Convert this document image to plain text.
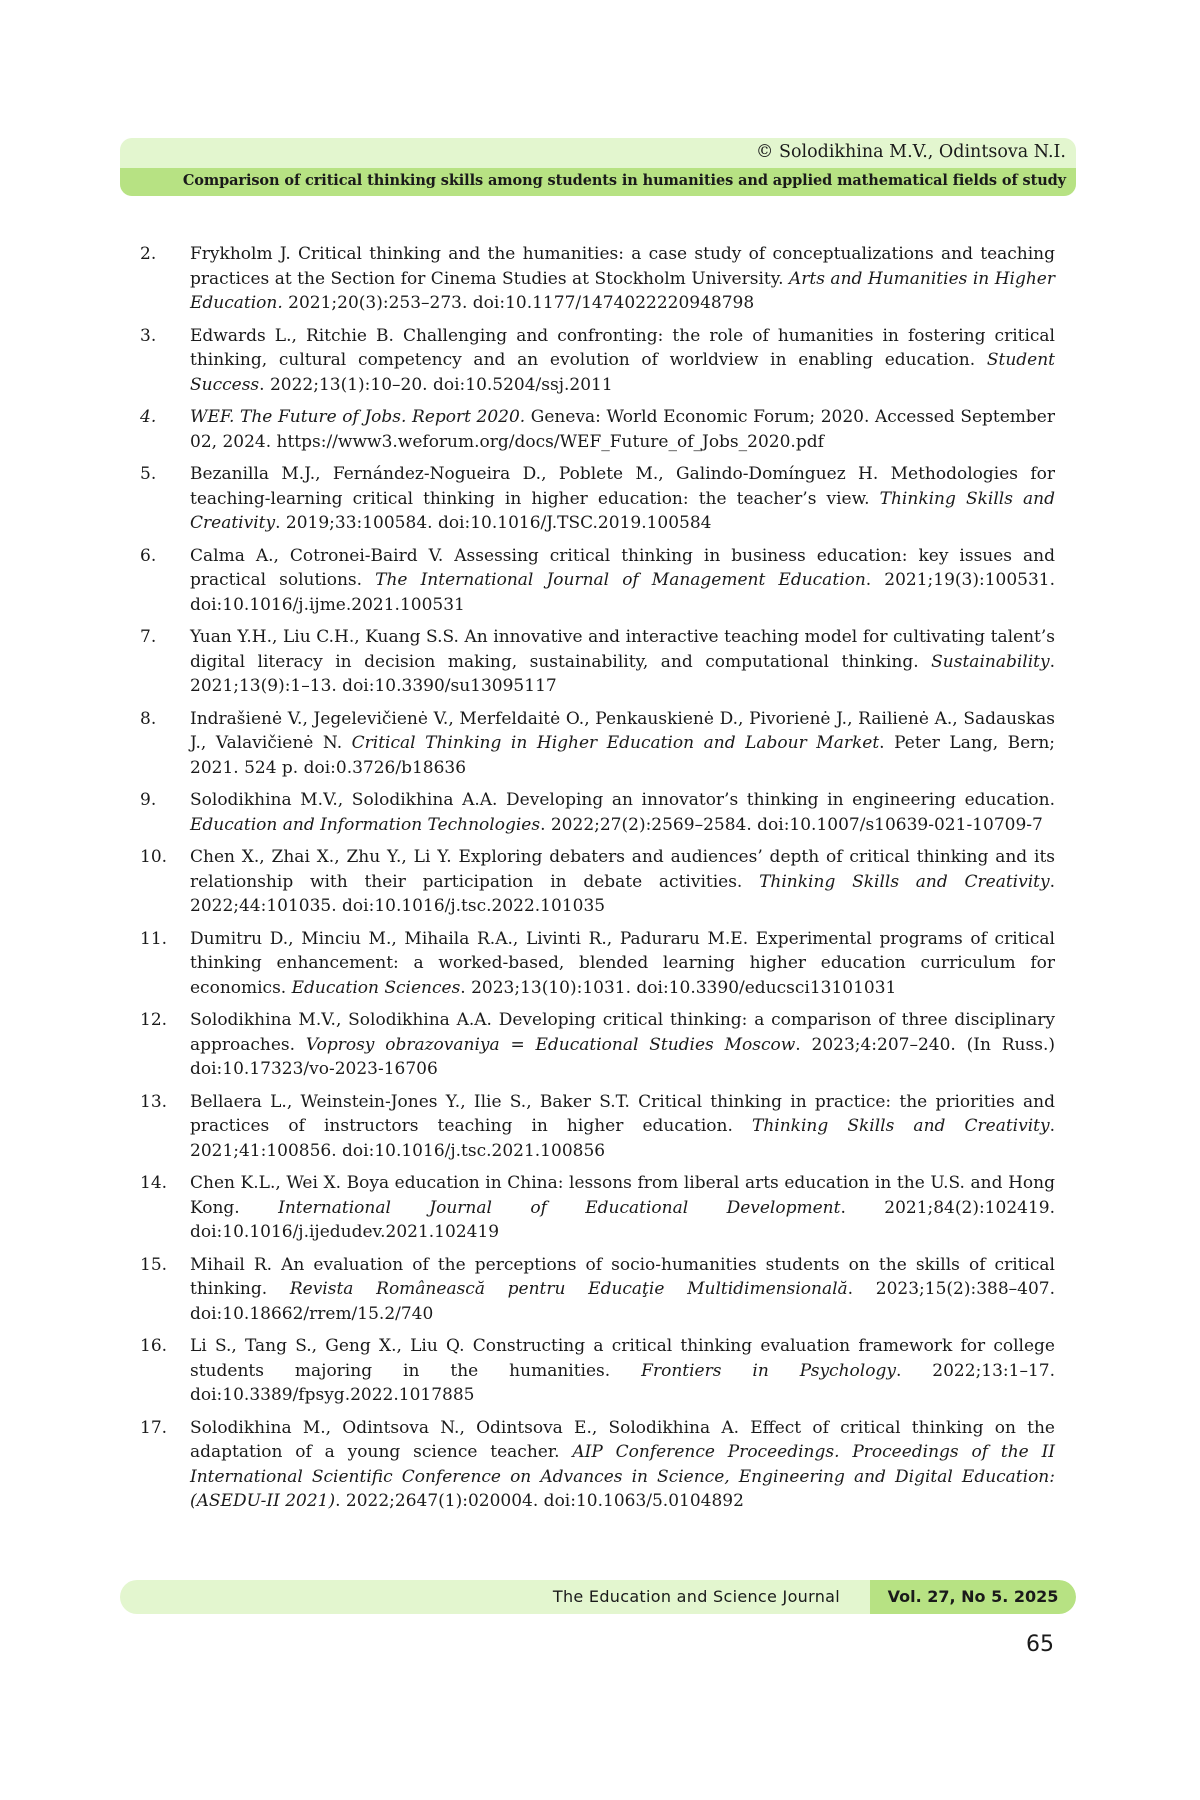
© Solodikhina M.V., Odintsova N.I.
Comparison of critical thinking skills among students in humanities and applied mathematical fields of study
2.	Frykholm J. Critical thinking and the humanities: a case study of conceptualizations and teaching practices at the Section for Cinema Studies at Stockholm University. Arts and Humanities in Higher Education. 2021;20(3):253–273. doi:10.1177/1474022220948798
3.	Edwards L., Ritchie B. Challenging and confronting: the role of humanities in fostering critical thinking, cultural competency and an evolution of worldview in enabling education. Student Success. 2022;13(1):10–20. doi:10.5204/ssj.2011
4.	WEF. The Future of Jobs. Report 2020. Geneva: World Economic Forum; 2020. Accessed September 02, 2024. https://www3.weforum.org/docs/WEF_Future_of_Jobs_2020.pdf
5.	Bezanilla M.J., Fernández-Nogueira D., Poblete M., Galindo-Domínguez H. Methodologies for teaching-learning critical thinking in higher education: the teacher’s view. Thinking Skills and Creativity. 2019;33:100584. doi:10.1016/J.TSC.2019.100584
6.	Calma A., Cotronei-Baird V. Assessing critical thinking in business education: key issues and practical solutions. The International Journal of Management Education. 2021;19(3):100531. doi:10.1016/j.ijme.2021.100531
7.	Yuan Y.H., Liu C.H., Kuang S.S. An innovative and interactive teaching model for cultivating talent’s digital literacy in decision making, sustainability, and computational thinking. Sustainability. 2021;13(9):1–13. doi:10.3390/su13095117
8.	Indrašienė V., Jegelevičienė V., Merfeldaitė O., Penkauskienė D., Pivorienė J., Railienė A., Sadauskas J., Valavičienė N. Critical Thinking in Higher Education and Labour Market. Peter Lang, Bern; 2021. 524 p. doi:0.3726/b18636
9.	Solodikhina M.V., Solodikhina A.A. Developing an innovator’s thinking in engineering education. Education and Information Technologies. 2022;27(2):2569–2584. doi:10.1007/s10639-021-10709-7
10.	Chen X., Zhai X., Zhu Y., Li Y. Exploring debaters and audiences’ depth of critical thinking and its relationship with their participation in debate activities. Thinking Skills and Creativity. 2022;44:101035. doi:10.1016/j.tsc.2022.101035
11.	Dumitru D., Minciu M., Mihaila R.A., Livinti R., Paduraru M.E. Experimental programs of critical thinking enhancement: a worked-based, blended learning higher education curriculum for economics. Education Sciences. 2023;13(10):1031. doi:10.3390/educsci13101031
12.	Solodikhina M.V., Solodikhina A.A. Developing critical thinking: a comparison of three disciplinary approaches. Voprosy obrazovaniya = Educational Studies Moscow. 2023;4:207–240. (In Russ.) doi:10.17323/vo-2023-16706
13.	Bellaera L., Weinstein-Jones Y., Ilie S., Baker S.T. Critical thinking in practice: the priorities and practices of instructors teaching in higher education. Thinking Skills and Creativity. 2021;41:100856. doi:10.1016/j.tsc.2021.100856
14.	Chen K.L., Wei X. Boya education in China: lessons from liberal arts education in the U.S. and Hong Kong. International Journal of Educational Development. 2021;84(2):102419. doi:10.1016/j.ijedudev.2021.102419
15.	Mihail R. An evaluation of the perceptions of socio-humanities students on the skills of critical thinking. Revista Românească pentru Educaţie Multidimensională. 2023;15(2):388–407. doi:10.18662/rrem/15.2/740
16.	Li S., Tang S., Geng X., Liu Q. Constructing a critical thinking evaluation framework for college students majoring in the humanities. Frontiers in Psychology. 2022;13:1–17. doi:10.3389/fpsyg.2022.1017885
17.	Solodikhina M., Odintsova N., Odintsova E., Solodikhina A. Effect of critical thinking on the adaptation of a young science teacher. AIP Conference Proceedings. Proceedings of the II International Scientific Conference on Advances in Science, Engineering and Digital Education: (ASEDU-II 2021). 2022;2647(1):020004. doi:10.1063/5.0104892
The Education and Science Journal	Vol. 27, No 5. 2025
65
